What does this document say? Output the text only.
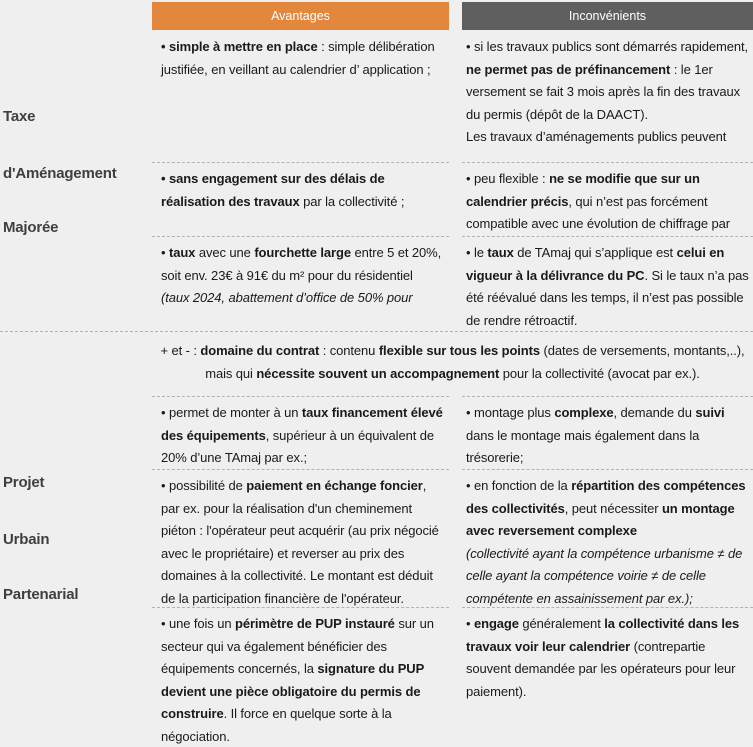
Avantages	Inconvénients
Taxe
d'Aménagement
Majorée
Projet
Urbain
Partenarial
• simple à mettre en place : simple délibération justifiée, en veillant au calendrier d’ application ;
• si les travaux publics sont démarrés rapidement, ne permet pas de préfinancement : le 1er versement se fait 3 mois après la fin des travaux du permis (dépôt de la DAACT).
Les travaux d’aménagements publics peuvent
• sans engagement sur des délais de réalisation des travaux par la collectivité ;
• peu flexible : ne se modifie que sur un calendrier précis, qui n’est pas forcément compatible avec une évolution de chiffrage par
• taux avec une fourchette large entre 5 et 20%, soit env. 23€ à 91€ du m² pour du résidentiel
(taux 2024, abattement d’office de 50% pour
• le taux de TAmaj qui s’applique est celui en vigueur à la délivrance du PC. Si le taux n’a pas été réévalué dans les temps, il n’est pas possible de rendre rétroactif.
+ et - : domaine du contrat : contenu flexible sur tous les points (dates de versements, montants,..), mais qui nécessite souvent un accompagnement pour la collectivité (avocat par ex.).
• permet de monter à un taux financement élevé des équipements, supérieur à un équivalent de 20% d’une TAmaj par ex.;
• montage plus complexe, demande du suivi dans le montage mais également dans la trésorerie;
• possibilité de paiement en échange foncier, par ex. pour la réalisation d'un cheminement piéton : l'opérateur peut acquérir (au prix négocié avec le propriétaire) et reverser au prix des domaines à la collectivité. Le montant est déduit de la participation financière de l'opérateur.
• en fonction de la répartition des compétences des collectivités, peut nécessiter un montage avec reversement complexe
(collectivité ayant la compétence urbanisme ≠ de celle ayant la compétence voirie ≠ de celle compétente en assainissement par ex.);
• une fois un périmètre de PUP instauré sur un secteur qui va également bénéficier des équipements concernés, la signature du PUP devient une pièce obligatoire du permis de construire. Il force en quelque sorte à la négociation.
• engage généralement la collectivité dans les travaux voir leur calendrier (contrepartie souvent demandée par les opérateurs pour leur paiement).
